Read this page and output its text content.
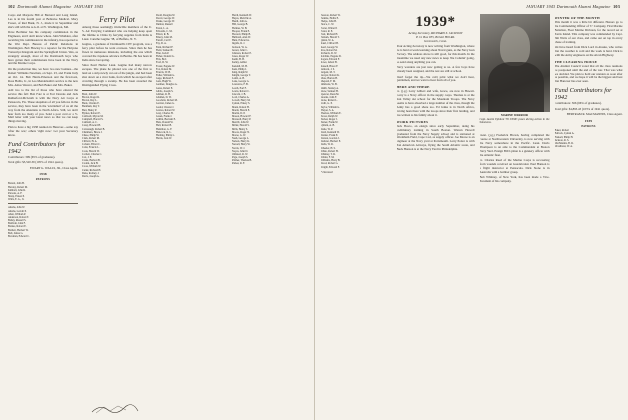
102 Dartmouth Alumni Magazine JANUARY 1943

Corps and Marjorie Hill of Barnard and Long Island. Les is in his fourth year at Bellevue Medical. Mary Fosser, of Red Bank, N. J., made it in September and she's still with the A.G.O. at Ft. Washington, Md.

Dave Bechtner has his company commission in the Engineers, and I don't know where. John Whiddon, after receiving his commission in the infantry, has reported to the War Dept. Bureau of Public Relations in Washington. Bob Hawley is a reporter for the Holyoke Transcript-Telegram and the Springfield Union. Wes, as strangely enough, most of the Dartmouth boys who have gotten their commissions have been in the Navy and the Marine Corps.

On the production line, we have two new bonnies—the Robert Williams Newman, on Sept. 23, and Frank Judy on Oct. 1st. Bob Harris-Emerson and the first-born, Ross Hollis, Jr., in Leo Mendelsohn's service to the new Mrs. Amos Weaver, and Bob Baker and Mrs. Baker.

Add two to the list of those who have entered the service this fall: Bob Fatz is at Fort Devens and Jack Rutherford-McGrath is with the Navy Air Corps at Pensacola, Fla. These snapshots of all you fellows in the service, they have been in the 'scuttlebutt' of us all the way from the Aleutians to North Africa. Still, we don't hear from too many of you. Send a post card or a V-Mail letter with your latest news so that we can keep things moving.

Plan to have a big 1938 reunion in Hanover—some say 'after the war,' others 'right now.' Let your Secretary know.

Fund Contributors for 1942
Contributors: 399 (65% of graduates).
Total gifts: $5,520.39 (105% of 1941 quota).
EWART G. WALLS, JR., Class Agent.
1938
PATRONS
Barrett, John H.
Hawley, Robert M.
Kimball, John R.
Parsons, A. F.
Sharp, Ernest P.
Walls, E. G., Jr.
Adams, John W.
Adams, Leavitt P.
Allen, William P.
Anderson, Robert T.
Bailey, Russell S.
Baldwin, John F.
Barnes, Robert E.
Bartlett, Herbert W.
Bell, James G.
Bowman, Edward C.
Ferry Pilot

Among those seemingly invincible members of the U. S. Air Ferrying Command who are helping keep open the lifeline to China by ferrying supplies from India is Lieut. Caruthe Gugino '38, of Buffalo, N. Y.

Gugino, a graduate of Dartmouth's CPT program, was a ferry pilot before he went overseas. Since then he has flown in numerous missions, including the one which covered the Japanese advance in Burma. He has been in India since last spring.

Since Pearl Harbor Lieut. Gugino had many narrow escapes. The plane he piloted was one of the first to land on a strip newly cut out of the jungle, and had been shot down on a river bank, from which he escaped after crawling through a swamp. He has been awarded the Distinguished Flying Cross.

Bratt, John W.
Brown, Roger R.
Brown, Ray L.
Buck, Charles E.
Burnham, Ray T.
Burt, Henry P.
Byrnes, Robert E.
Caldwell, Myron M.
Campbell, Harold S.
Canfield, A. C.
Carey, Howard H.
Cavanaugh, Robert B.
Chambers, Bruce J.
Chase, Philip W.
Clark, Robert M.
Clifford, H. A.
Coburn, Elliott C.
Conn, Francis L.
Cook, Harold W.
Corbett, Charles C.
Cox, J. E.
Crane, Herbert B.
Cronin, Jack H.
Cross, William W.
Cutler, Richard H.
Dana, Rodney J.
Davis, Joseph A.
Dodd, Douglas W.
Dowd, George W.
Drake, George W.
Dunbar, Russell
Eaton, L. A.
Edwards, C. M.
Elliott, R. B.
Emery, John M.
Farrell, Carl E.
Fay, D. A.
Fenn, Richard F.
Field, Samuel E.
Finn, Jack P.
Fisher, Donald G.
Fitts, Bob
Ford, D. W.
Foster, Eugene W.
Fox, Robert M.
Francis, W. B.
Fuller, William G.
Gage, Richard F.
Gale, Hugh W.
Gardner, Douglas A.
Gates, Robert E.
Gibbs, Joseph S.
Gilman, R. H.
Glidden, D. W.
Goodwin, Robert M.
Gordon, James G.
Gould, Chester J.
Graves, Robert W.
Gray, Charles H.
Green, Frank J.
Griffin, Bertram E.
Hale, Donald W.
Hall, Robert B.
Hamilton, G. F.
Hancock, R. L.
Harding, Philip L.
Harris, Jack W.
Hatch, Kenneth W.
Hayes, Melville A.
Heath, John A.
Hill, George B.
Holmes, W. B.
Hooper, Frank E.
Howard, Philip B.
Hubbard, Alan W.
Hunt, Edward A.
Ingalls, R. J.
Jackson, W. A.
Jewett, John C.
Johnson, Robert E.
Jones, Roger W.
Keith, H. B.
Kelley, Arthur
Kendall, M. H.
Kent, Philip J.
King, Ralph W.
Knight, George T.
Lamb, A. B.
Lane, George G.
Lawrence, F. B.
Leach, Earl F.
Lewis, Robert C.
Lincoln, J. B.
Lord, Charles A.
Lowell, Harry M.
Lyman, Emery S.
Mann, Robert H.
Marsh, Harold E.
Martin, D. P.
Mason, Howard F.
Maxwell, Harry P.
Merrill, John W.
Miller, Harold S.
Mills, Henry S.
Moore, Roger N.
Morse, G. W.
Nash, George L.
Nelson, Harry K.
Newell, Harry W.
Norris, W. J.
Noyes, John D.
Olmsted, R. W.
Page, Joseph S.
Palmer, Thomas B.
Parker, R. F.
JANUARY 1943 Dartmouth Alumni Magazine 103
Pearson, Robert W.
Perkins, Hollis E.
Phelps, John B.
Pierce, C. W.
Porter, Walter P.
Potter, R. E.
Pratt, Richard H.
Putnam, Harold T.
Quinn, W. A.
Rand, Clifford B.
Reed, George W.
Rice, Robert M.
Richards, D. W.
Robbins, Eugene D.
Rogers, Edward F.
Rowe, Albert B.
Russell, Bruce F.
Sanborn, J. S.
Sargent, M. T.
Sawyer, Robert K.
Shaw, Burton H.
Shepard, F. M.
Simmons, W. B.
Smith, Stanley A.
Snow, Samuel H.
Spencer, Dean M.
Stearns, John F.
Stone, Robert L.
Swift, G. P.
Taylor, William G.
Thayer, S. A.
Thomas, William E.
Tower, Ralph W.
Tucker, Roger J.
Turner, Frank W.
Upham, A. B.
Wade, W. P.
Ward, Kenneth W.
Warner, Frank E.
Warren, Gordon J.
Webster, Herbert E.
Wells, W. R.
Wheeler, H. S.
White, Robert H.
Whitney, T. R.
Wilder, F. M.
Williams, Harry B.
Wood, Robert G.
Wright, Edward F.
* Deceased
1939*
Acting Secretary, RICHARD S. JACKSON
P. O. Box 935, Bristol Hill Rd.
Greenwich, Conn.

Your Acting-Secretary is now writing from Washington, where he is hard at work learning about Naval guns, as the Navy Gun Factory. The address above is still good, for this month. In the meantime we need any new news to keep 'the Column' going, so send along anything you can.

Navy wonders are just now getting to us. A few boys have already been assigned, and the rest are still at school.

Don't forget the tip—We can't print what we don't hear, gentlemen, and we want to hear from all of you.

HERE AND THERE

Lt. (j.g.) Larry Gilbert and wife, Grace, are now in Hawaii. Larry is a Navy officer in the supply corps. Thomas is at the Sun Valley ski school for the Mountain Troops. The Navy seems to have absorbed a large number of the class, though the Army has a good share too. Ed Jenks is in North Africa, having been there with the troops since their first landing, and has written to his family about it.

WORK PICTURES

Jack Bosco, an ensign since early September, doing his preliminary training in South Boston. Warren Howell graduated from the Navy Supply school and is stationed at Wrentham Field, Cape Cod, as supply officer. Joe Morse is an engineer at the Navy yard at Portsmouth. Larry Potter is with Pan American Airways, flying the South Atlantic route, and Buck Hanson is at the Navy Yard in Philadelphia.

MARINE WARRIOR
Capt. Austin Ephlunt '39 USMC poses during action in the Solomons.

Lieut. (j.g.) Frederick Brown, having completed the course at Northwestern University, is now serving with the Navy somewhere in the Pacific. Lieut. Davis Thompson is an aide to the Commandant at Boston Navy Yard. Ensign Bill Lyman is a gunnery officer with the Atlantic fleet.

Lt. Charles Reed of the Marine Corps is recovering from wounds received on Guadalcanal. Paul Hanson is a flight instructor at Pensacola. Dick Stone is in Australia with a bomber group.

Bob Whitney, of New York, has been made a Vice-President of his company.

WINTER OF THE MONTH

This month it was a little bit different. Honors go to the Commanding Officer of 'C' Company, First Marine Battalion, Fleet Marine Division, for the record set at Parris Island. This company was commanded by Capt. Jim Watts of our class, and came out on top in every phase of training.

We have heard from Dick Lord in Alaska, who writes that the weather is cold and the work is hard. Dick is with the Army engineers on the Alcan Highway.

THE CLEARING HOUSE

The Alumni Council voted that all the class reunions be postponed until the end of the war. That was what we decided. We plan to hold our reunion as soon after as possible, and we hope it will be the biggest and best that Hanover has ever seen.

Fund Contributors for 1942
Contributors: 366 (66% of graduates).
Total gifts: $4,893.43 (103% of 1941 quota).
BERTRAM R. MACMANNIS, Class Agent.
1939
PATRONS
Baker, Robert
Bullock, Lyman A.
Haskell, Philip H.
Jackson, R. S.
MacMannis, B. R.
McAllister, W. A.
